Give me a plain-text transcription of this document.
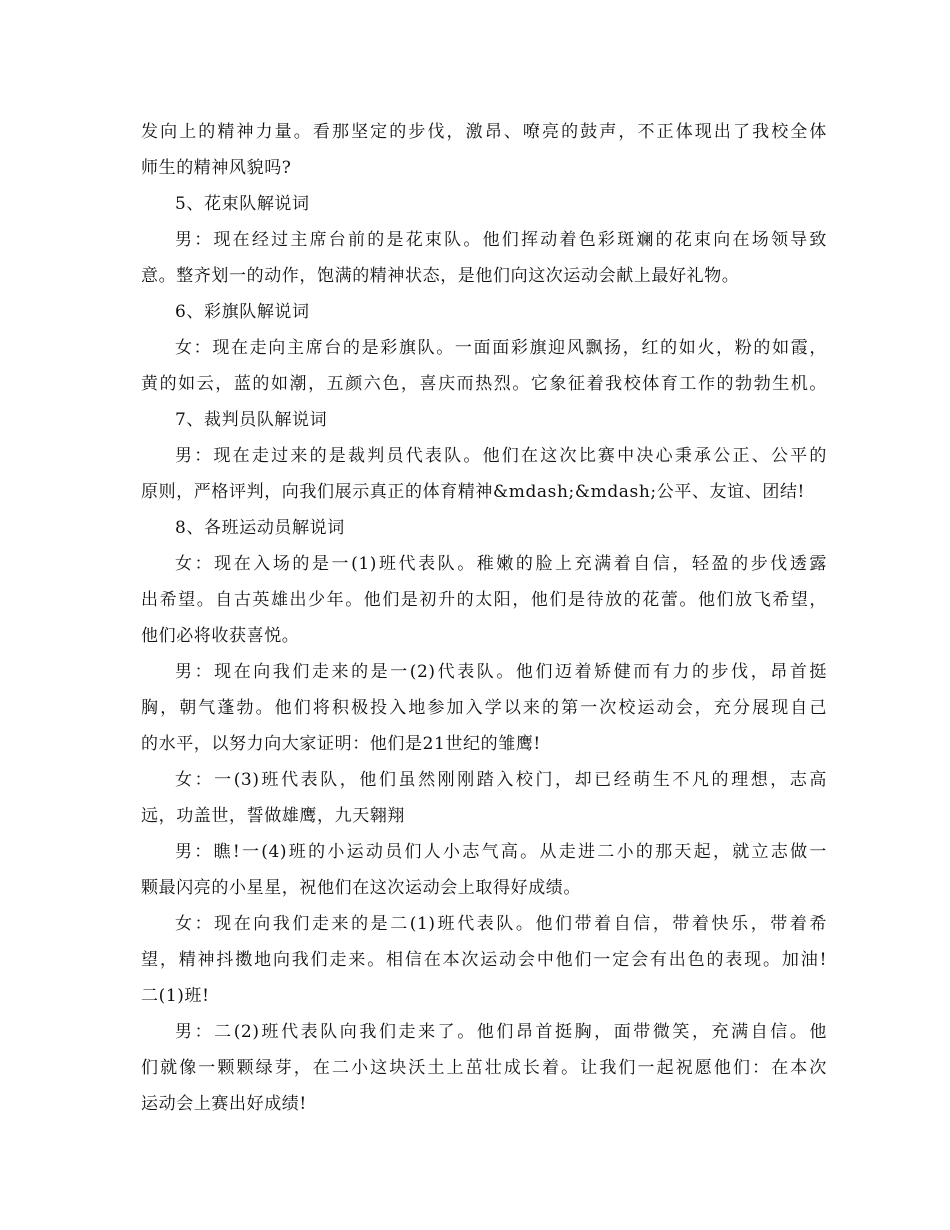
发向上的精神力量。看那坚定的步伐，激昂、嘹亮的鼓声，不正体现出了我校全体
师生的精神风貌吗?
5、花束队解说词
男：现在经过主席台前的是花束队。他们挥动着色彩斑斓的花束向在场领导致
意。整齐划一的动作，饱满的精神状态，是他们向这次运动会献上最好礼物。
6、彩旗队解说词
女：现在走向主席台的是彩旗队。一面面彩旗迎风飘扬，红的如火，粉的如霞，
黄的如云，蓝的如潮，五颜六色，喜庆而热烈。它象征着我校体育工作的勃勃生机。
7、裁判员队解说词
男：现在走过来的是裁判员代表队。他们在这次比赛中决心秉承公正、公平的
原则，严格评判，向我们展示真正的体育精神&mdash;&mdash;公平、友谊、团结!
8、各班运动员解说词
女：现在入场的是一(1)班代表队。稚嫩的脸上充满着自信，轻盈的步伐透露
出希望。自古英雄出少年。他们是初升的太阳，他们是待放的花蕾。他们放飞希望，
他们必将收获喜悦。
男：现在向我们走来的是一(2)代表队。他们迈着矫健而有力的步伐，昂首挺
胸，朝气蓬勃。他们将积极投入地参加入学以来的第一次校运动会，充分展现自己
的水平，以努力向大家证明：他们是21世纪的雏鹰!
女：一(3)班代表队，他们虽然刚刚踏入校门，却已经萌生不凡的理想，志高
远，功盖世，誓做雄鹰，九天翱翔
男：瞧!一(4)班的小运动员们人小志气高。从走进二小的那天起，就立志做一
颗最闪亮的小星星，祝他们在这次运动会上取得好成绩。
女：现在向我们走来的是二(1)班代表队。他们带着自信，带着快乐，带着希
望，精神抖擞地向我们走来。相信在本次运动会中他们一定会有出色的表现。加油!
二(1)班!
男：二(2)班代表队向我们走来了。他们昂首挺胸，面带微笑，充满自信。他
们就像一颗颗绿芽，在二小这块沃土上茁壮成长着。让我们一起祝愿他们：在本次
运动会上赛出好成绩!
